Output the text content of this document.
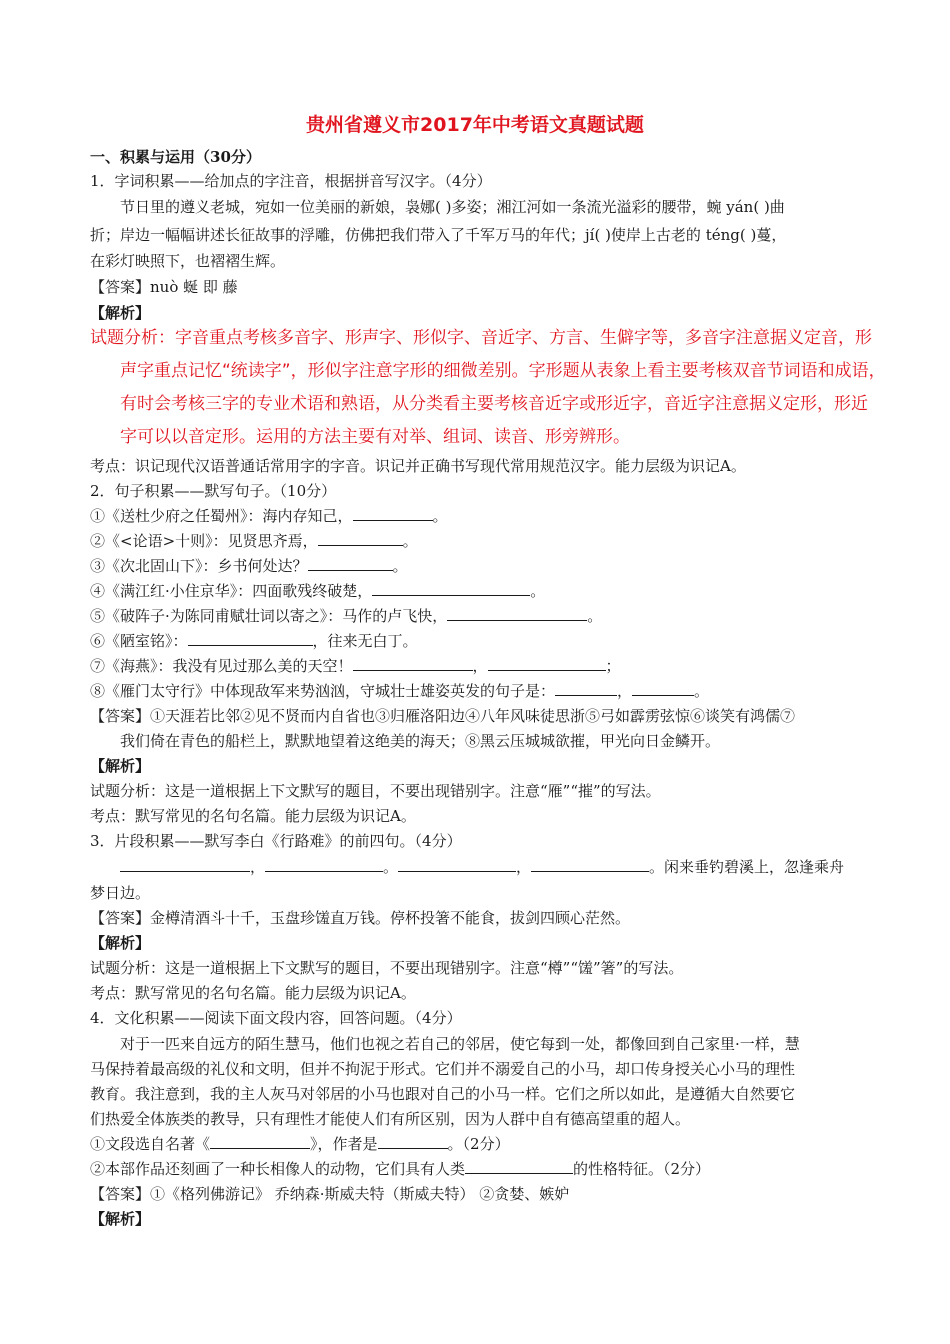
贵州省遵义市2017年中考语文真题试题
一、积累与运用（30分）
1．字词积累——给加点的字注音，根据拼音写汉字。（4分）
节日里的遵义老城，宛如一位美丽的新娘，袅娜( )多姿；湘江河如一条流光溢彩的腰带，蜿 yán( )曲
折；岸边一幅幅讲述长征故事的浮雕，仿佛把我们带入了千军万马的年代；jí( )使岸上古老的 téng( )蔓，
在彩灯映照下，也褶褶生辉。
【答案】nuò 蜒 即 藤
【解析】
试题分析：字音重点考核多音字、形声字、形似字、音近字、方言、生僻字等，多音字注意据义定音，形
声字重点记忆“统读字”，形似字注意字形的细微差别。字形题从表象上看主要考核双音节词语和成语，
有时会考核三字的专业术语和熟语，从分类看主要考核音近字或形近字，音近字注意据义定形，形近
字可以以音定形。运用的方法主要有对举、组词、读音、形旁辨形。
考点：识记现代汉语普通话常用字的字音。识记并正确书写现代常用规范汉字。能力层级为识记A。
2．句子积累——默写句子。（10分）
①《送杜少府之任蜀州》：海内存知己，	。
②《<论语>十则》：见贤思齐焉，	。
③《次北固山下》：乡书何处达？	。
④《满江红·小住京华》：四面歌残终破楚，	。
⑤《破阵子·为陈同甫赋壮词以寄之》：马作的卢飞快，	。
⑥《陋室铭》：	，往来无白丁。
⑦《海燕》：我没有见过那么美的天空！	，	；
⑧《雁门太守行》中体现敌军来势汹汹，守城壮士雄姿英发的句子是：	，	。
【答案】①天涯若比邻②见不贤而内自省也③归雁洛阳边④八年风味徒思浙⑤弓如霹雳弦惊⑥谈笑有鸿儒⑦
我们倚在青色的船栏上，默默地望着这绝美的海天；⑧黑云压城城欲摧，甲光向日金鳞开。
【解析】
试题分析：这是一道根据上下文默写的题目，不要出现错别字。注意“雁”“摧”的写法。
考点：默写常见的名句名篇。能力层级为识记A。
3．片段积累——默写李白《行路难》的前四句。（4分）
，	。	，	。闲来垂钓碧溪上，忽逢乘舟
梦日边。
【答案】金樽清酒斗十千，玉盘珍馐直万钱。停杯投箸不能食，拔剑四顾心茫然。
【解析】
试题分析：这是一道根据上下文默写的题目，不要出现错别字。注意“樽”“馐”箸”的写法。
考点：默写常见的名句名篇。能力层级为识记A。
4．文化积累——阅读下面文段内容，回答问题。（4分）
对于一匹来自远方的陌生慧马，他们也视之若自己的邻居，使它每到一处，都像回到自己家里·一样，慧
马保持着最高级的礼仪和文明，但并不拘泥于形式。它们并不溺爱自己的小马，却口传身授关心小马的理性
教育。我注意到，我的主人灰马对邻居的小马也跟对自己的小马一样。它们之所以如此，是遵循大自然要它
们热爱全体族类的教导，只有理性才能使人们有所区别，因为人群中自有德高望重的超人。
①文段选自名著《	》，作者是	。（2分）
②本部作品还刻画了一种长相像人的动物，它们具有人类	的性格特征。（2分）
【答案】①《格列佛游记》 乔纳森·斯威夫特（斯威夫特） ②贪婪、嫉妒
【解析】
